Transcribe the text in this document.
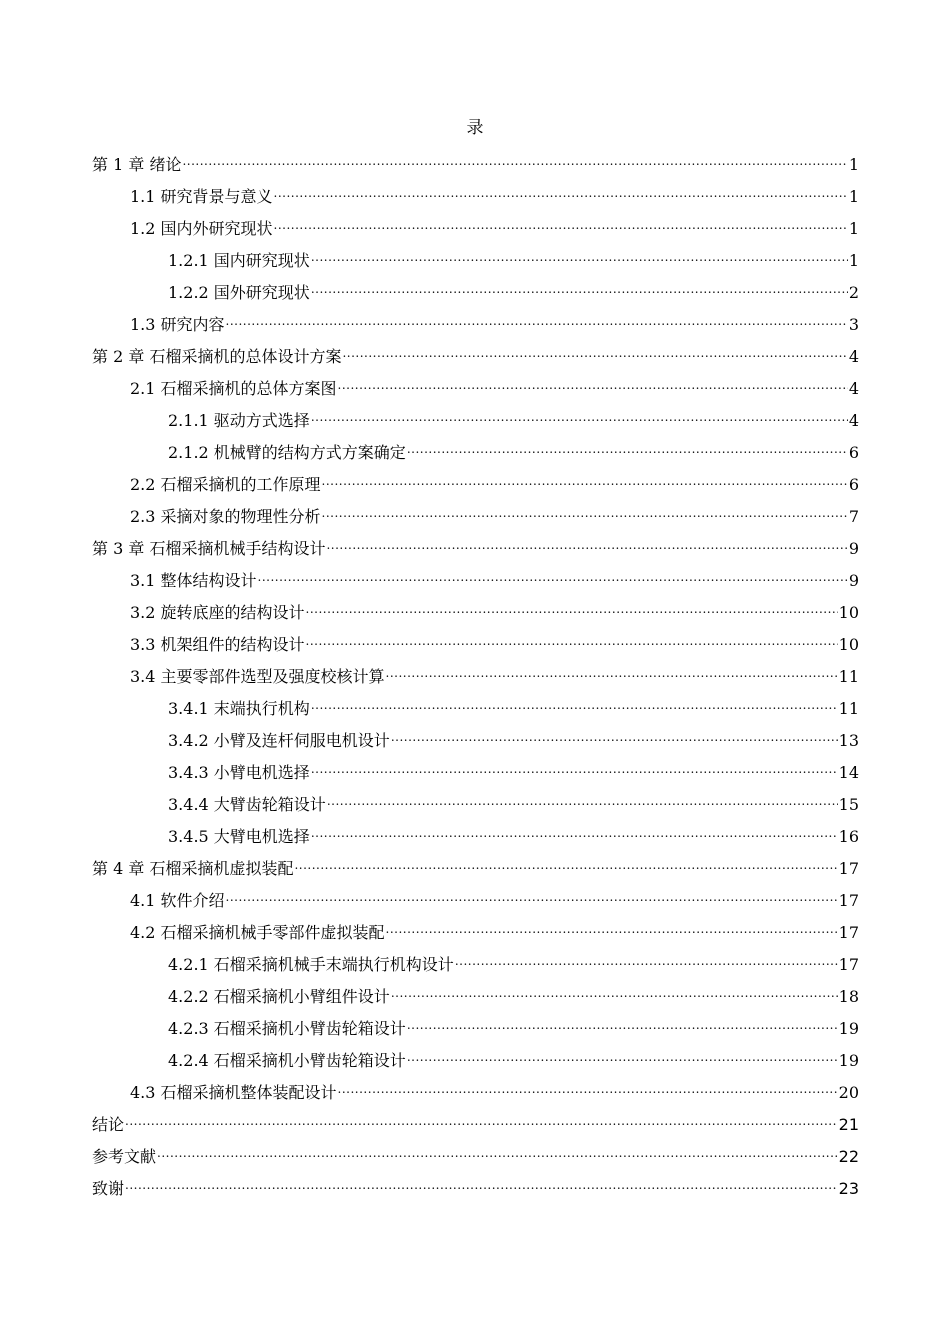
录
第 1 章 绪论 .....	1
1.1 研究背景与意义 .....	1
1.2 国内外研究现状 .....	1
1.2.1 国内研究现状 .....	1
1.2.2 国外研究现状 .....	2
1.3 研究内容 .....	3
第 2 章 石榴采摘机的总体设计方案 .....	4
2.1 石榴采摘机的总体方案图 .....	4
2.1.1 驱动方式选择 .....	4
2.1.2 机械臂的结构方式方案确定 .....	6
2.2 石榴采摘机的工作原理 .....	6
2.3 采摘对象的物理性分析 .....	7
第 3 章 石榴采摘机械手结构设计 .....	9
3.1 整体结构设计 .....	9
3.2 旋转底座的结构设计 .....	10
3.3 机架组件的结构设计 .....	10
3.4 主要零部件选型及强度校核计算 .....	11
3.4.1 末端执行机构 .....	11
3.4.2 小臂及连杆伺服电机设计 .....	13
3.4.3 小臂电机选择 .....	14
3.4.4 大臂齿轮箱设计 .....	15
3.4.5 大臂电机选择 .....	16
第 4 章 石榴采摘机虚拟装配 .....	17
4.1 软件介绍 .....	17
4.2 石榴采摘机械手零部件虚拟装配 .....	17
4.2.1 石榴采摘机械手末端执行机构设计 .....	17
4.2.2 石榴采摘机小臂组件设计 .....	18
4.2.3 石榴采摘机小臂齿轮箱设计 .....	19
4.2.4 石榴采摘机小臂齿轮箱设计 .....	19
4.3 石榴采摘机整体装配设计 .....	20
结论 .....	21
参考文献 .....	22
致谢 .....	23
